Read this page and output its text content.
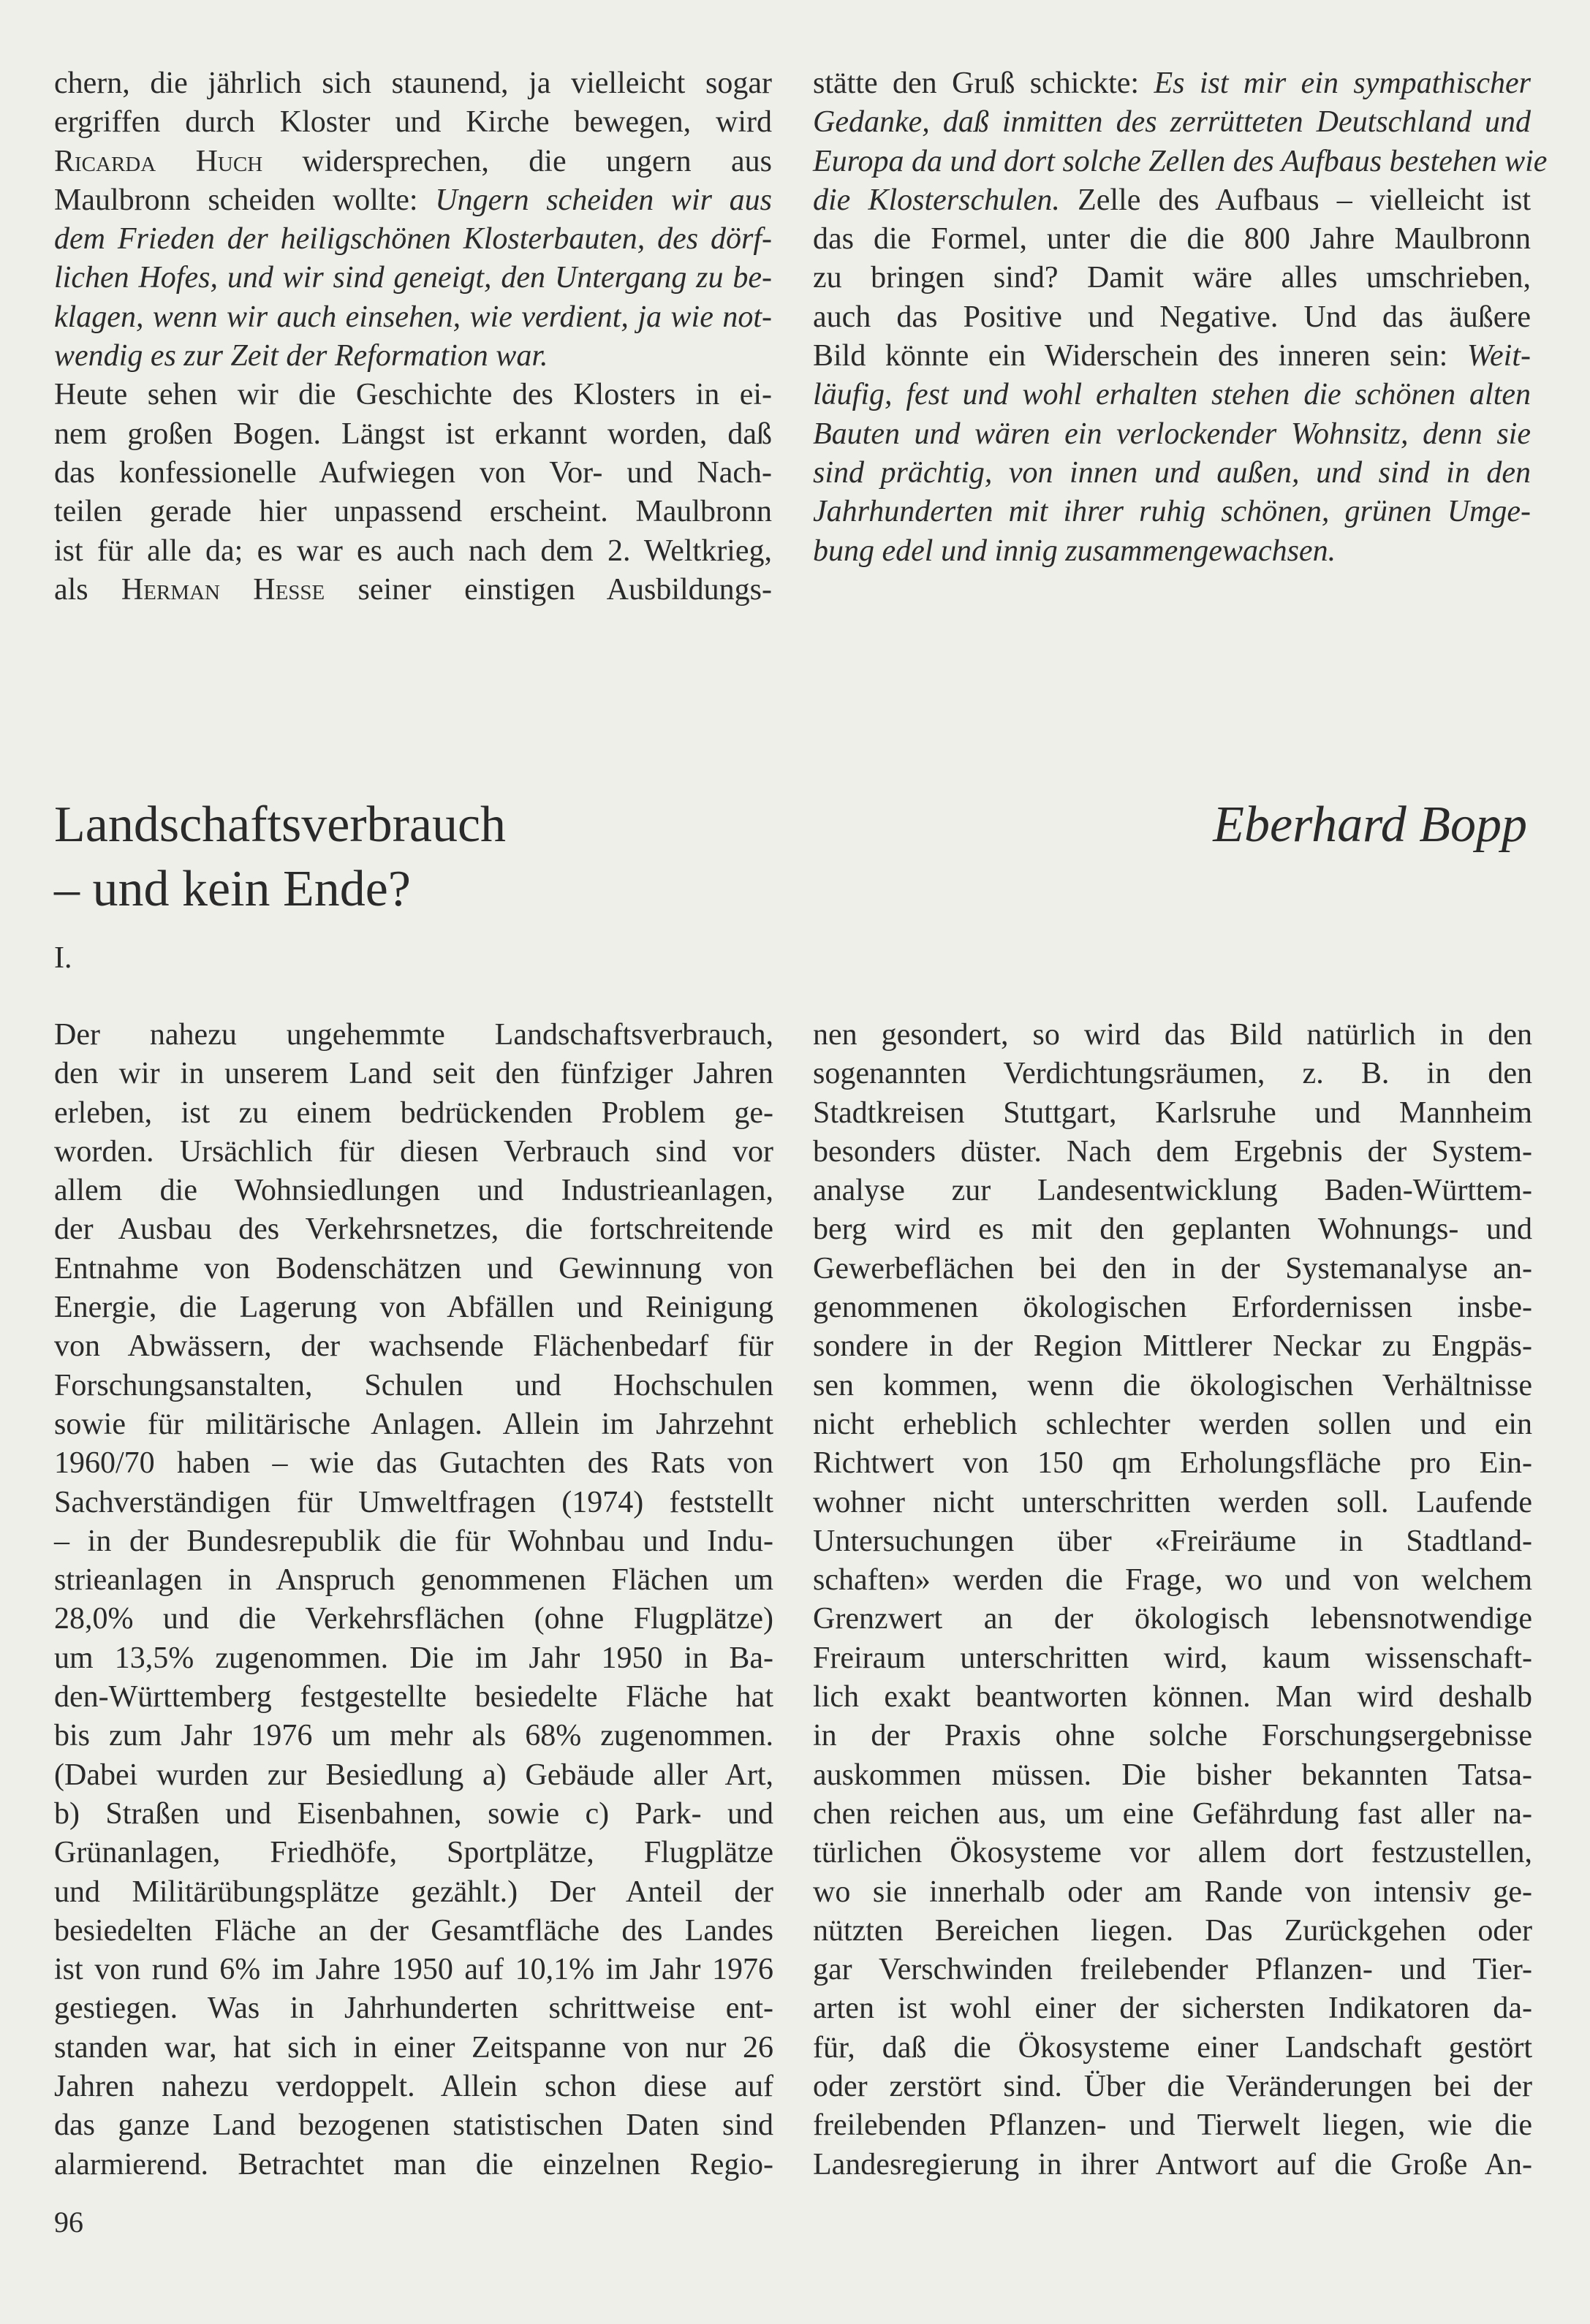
chern, die jährlich sich staunend, ja vielleicht sogar
ergriffen durch Kloster und Kirche bewegen, wird
Ricarda Huch widersprechen, die ungern aus
Maulbronn scheiden wollte: Ungern scheiden wir aus
dem Frieden der heiligschönen Klosterbauten, des dörf-
lichen Hofes, und wir sind geneigt, den Untergang zu be-
klagen, wenn wir auch einsehen, wie verdient, ja wie not-
wendig es zur Zeit der Reformation war.
Heute sehen wir die Geschichte des Klosters in ei-
nem großen Bogen. Längst ist erkannt worden, daß
das konfessionelle Aufwiegen von Vor- und Nach-
teilen gerade hier unpassend erscheint. Maulbronn
ist für alle da; es war es auch nach dem 2. Weltkrieg,
als Herman Hesse seiner einstigen Ausbildungs-
stätte den Gruß schickte: Es ist mir ein sympathischer
Gedanke, daß inmitten des zerrütteten Deutschland und
Europa da und dort solche Zellen des Aufbaus bestehen wie
die Klosterschulen. Zelle des Aufbaus – vielleicht ist
das die Formel, unter die die 800 Jahre Maulbronn
zu bringen sind? Damit wäre alles umschrieben,
auch das Positive und Negative. Und das äußere
Bild könnte ein Widerschein des inneren sein: Weit-
läufig, fest und wohl erhalten stehen die schönen alten
Bauten und wären ein verlockender Wohnsitz, denn sie
sind prächtig, von innen und außen, und sind in den
Jahrhunderten mit ihrer ruhig schönen, grünen Umge-
bung edel und innig zusammengewachsen.
Landschaftsverbrauch
– und kein Ende?
Eberhard Bopp
I.
Der nahezu ungehemmte Landschaftsverbrauch,
den wir in unserem Land seit den fünfziger Jahren
erleben, ist zu einem bedrückenden Problem ge-
worden. Ursächlich für diesen Verbrauch sind vor
allem die Wohnsiedlungen und Industrieanlagen,
der Ausbau des Verkehrsnetzes, die fortschreitende
Entnahme von Bodenschätzen und Gewinnung von
Energie, die Lagerung von Abfällen und Reinigung
von Abwässern, der wachsende Flächenbedarf für
Forschungsanstalten, Schulen und Hochschulen
sowie für militärische Anlagen. Allein im Jahrzehnt
1960/70 haben – wie das Gutachten des Rats von
Sachverständigen für Umweltfragen (1974) feststellt
– in der Bundesrepublik die für Wohnbau und Indu-
strieanlagen in Anspruch genommenen Flächen um
28,0% und die Verkehrsflächen (ohne Flugplätze)
um 13,5% zugenommen. Die im Jahr 1950 in Ba-
den-Württemberg festgestellte besiedelte Fläche hat
bis zum Jahr 1976 um mehr als 68% zugenommen.
(Dabei wurden zur Besiedlung a) Gebäude aller Art,
b) Straßen und Eisenbahnen, sowie c) Park- und
Grünanlagen, Friedhöfe, Sportplätze, Flugplätze
und Militärübungsplätze gezählt.) Der Anteil der
besiedelten Fläche an der Gesamtfläche des Landes
ist von rund 6% im Jahre 1950 auf 10,1% im Jahr 1976
gestiegen. Was in Jahrhunderten schrittweise ent-
standen war, hat sich in einer Zeitspanne von nur 26
Jahren nahezu verdoppelt. Allein schon diese auf
das ganze Land bezogenen statistischen Daten sind
alarmierend. Betrachtet man die einzelnen Regio-
nen gesondert, so wird das Bild natürlich in den
sogenannten Verdichtungsräumen, z. B. in den
Stadtkreisen Stuttgart, Karlsruhe und Mannheim
besonders düster. Nach dem Ergebnis der System-
analyse zur Landesentwicklung Baden-Württem-
berg wird es mit den geplanten Wohnungs- und
Gewerbeflächen bei den in der Systemanalyse an-
genommenen ökologischen Erfordernissen insbe-
sondere in der Region Mittlerer Neckar zu Engpäs-
sen kommen, wenn die ökologischen Verhältnisse
nicht erheblich schlechter werden sollen und ein
Richtwert von 150 qm Erholungsfläche pro Ein-
wohner nicht unterschritten werden soll. Laufende
Untersuchungen über «Freiräume in Stadtland-
schaften» werden die Frage, wo und von welchem
Grenzwert an der ökologisch lebensnotwendige
Freiraum unterschritten wird, kaum wissenschaft-
lich exakt beantworten können. Man wird deshalb
in der Praxis ohne solche Forschungsergebnisse
auskommen müssen. Die bisher bekannten Tatsa-
chen reichen aus, um eine Gefährdung fast aller na-
türlichen Ökosysteme vor allem dort festzustellen,
wo sie innerhalb oder am Rande von intensiv ge-
nützten Bereichen liegen. Das Zurückgehen oder
gar Verschwinden freilebender Pflanzen- und Tier-
arten ist wohl einer der sichersten Indikatoren da-
für, daß die Ökosysteme einer Landschaft gestört
oder zerstört sind. Über die Veränderungen bei der
freilebenden Pflanzen- und Tierwelt liegen, wie die
Landesregierung in ihrer Antwort auf die Große An-
96
